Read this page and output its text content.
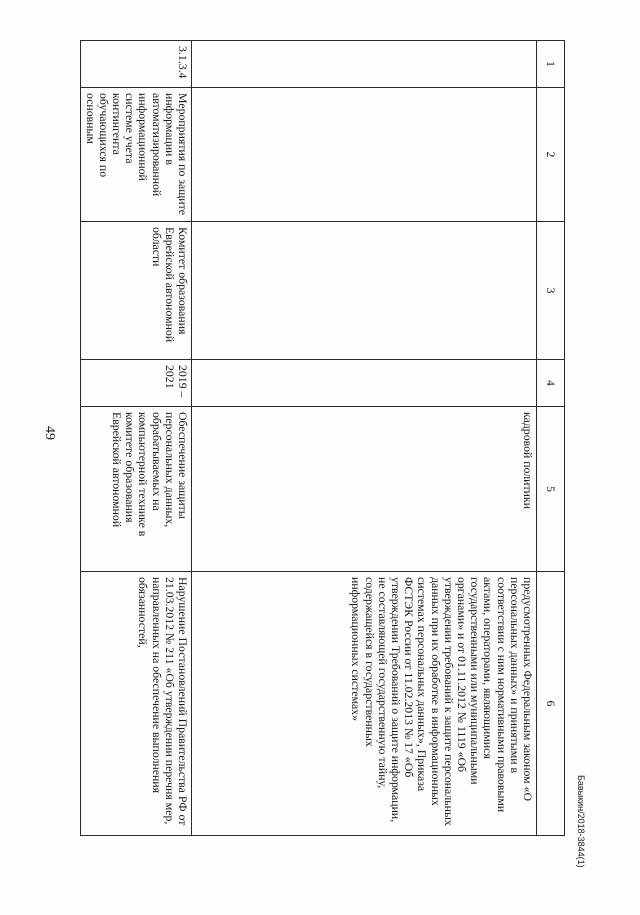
49
1	2	3	4	5	6
				кадровой политики	предусмотренных Федеральным законом «О персональных данных» и принятыми в соответствии с ним нормативными правовыми актами, операторами, являющимися государственными или муниципальными органами» и от 01.11.2012 № 1119 «Об утверждении требований к защите персональных данных при их обработке в информационных системах персональных данных», Приказа ФСТЭК России от 11.02.2013 № 17 «Об утверждении Требований о защите информации, не составляющей государственную тайну, содержащейся в государственных информационных системах»
3.1.3.4	Мероприятия по защите информации в автоматизированной информационной системе учета контингента обучающихся по основным	Комитет образования Еврейской автономной области	2019 – 2021	Обеспечение защиты персональных данных, обрабатываемых на компьютерной технике в комитете образования Еврейской автономной	Нарушение Постановлений Правительства РФ от 21.03.2012 № 211 «Об утверждении перечня мер, направленных на обеспечение выполнения обязанностей,
Бавыкин/2018-3844(1)
